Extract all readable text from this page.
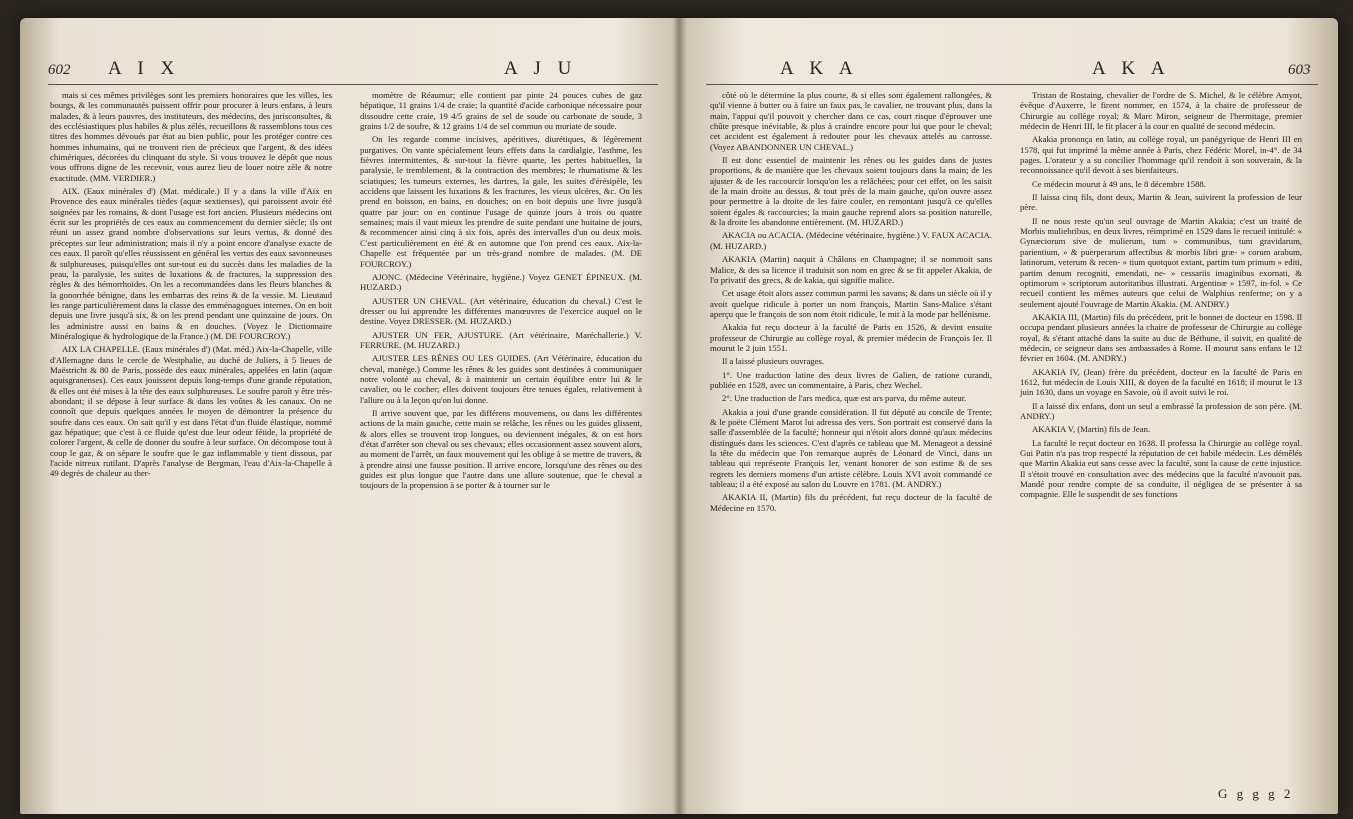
602 A I X	A J U

mais si ces mêmes privilèges sont les premiers honoraires que les villes, les bourgs, & les communautés puissent offrir pour procurer à leurs enfans, à leurs malades, & à leurs pauvres, des instituteurs, des médecins, des jurisconsultes, & des ecclésiastiques plus habiles & plus zélés, recueillons & rassemblons tous ces titres des hommes dévoués par état au bien public, pour les protéger contre ces hommes inhumains, qui ne trouvent rien de précieux que l'argent, & des idées chimériques, décorées du clinquant du style. Si vous trouvez le dépôt que nous vous offrons digne de les recevoir, vous aurez lieu de louer notre zèle & notre exactitude. (MM. VERDIER.)

AIX. (Eaux minérales d') (Mat. médicale.) Il y a dans la ville d'Aix en Provence des eaux minérales tièdes (aquæ sextienses), qui paroissent avoir été soignées par les romains, & dont l'usage est fort ancien. Plusieurs médecins ont écrit sur les propriétés de ces eaux au commencement du dernier siècle; ils ont réuni un assez grand nombre d'observations sur leurs vertus, & donné des préceptes sur leur administration; mais il n'y a point encore d'analyse exacte de ces eaux. Il paroît qu'elles réussissent en général les vertus des eaux savonneuses & sulphureuses, puisqu'elles ont sur-tout eu du succès dans les maladies de la peau, la paralysie, les suites de luxations & de fractures, la suppression des règles & des hémorrhoïdes. On les a recommandées dans les fleurs blanches & la gonorrhée bénigne, dans les embarras des reins & de la vessie. M. Lieutaud les range particulièrement dans la classe des emménagogues internes. On en boit depuis une livre jusqu'à six, & on les prend pendant une quinzaine de jours. On les administre aussi en bains & en douches. (Voyez le Dictionnaire Minéralogique & hydrologique de la France.) (M. DE FOURCROY.)

AIX LA CHAPELLE. (Eaux minérales d') (Mat. méd.) Aix-la-Chapelle, ville d'Allemagne dans le cercle de Westphalie, au duché de Juliers, à 5 lieues de Maëstricht & 80 de Paris, possède des eaux minérales, appelées en latin (aquæ aquisgranenses). Ces eaux jouissent depuis long-temps d'une grande réputation, & elles ont été mises à la tête des eaux sulphureuses. Le soufre paroît y être très-abondant; il se dépose à leur surface & dans les voûtes & les canaux. On ne connoît que depuis quelques années le moyen de démontrer la présence du soufre dans ces eaux. On sait qu'il y est dans l'état d'un fluide élastique, nommé gaz hépatique; que c'est à ce fluide qu'est due leur odeur fétide, la propriété de colorer l'argent, & celle de donner du soufre à leur surface. On décompose tout à coup le gaz, & on sépare le soufre que le gaz inflammable y tient dissous, par l'acide nitreux rutilant. D'après l'analyse de Bergman, l'eau d'Aix-la-Chapelle à 49 degrés de chaleur au ther-

momètre de Réaumur; elle contient par pinte 24 pouces cubes de gaz hépatique, 11 grains 1/4 de craie; la quantité d'acide carbonique nécessaire pour dissoudre cette craie, 19 4/5 grains de sel de soude ou carbonate de soude, 3 grains 1/2 de soufre, & 12 grains 1/4 de sel commun ou muriate de soude.

On les regarde comme incisives, apéritives, diurétiques, & légèrement purgatives. On vante spécialement leurs effets dans la cardialgie, l'asthme, les fièvres intermittentes, & sur-tout la fièvre quarte, les pertes habituelles, la paralysie, le tremblement, & la contraction des membres; le rhumatisme & les sciatiques; les tumeurs externes, les dartres, la gale, les suites d'érésipèle, les accidens que laissent les luxations & les fractures, les vieux ulcères, &c. On les prend en boisson, en bains, en douches; on en boit depuis une livre jusqu'à quatre par jour: on en continue l'usage de quinze jours à trois ou quatre semaines; mais il vaut mieux les prendre de suite pendant une huitaine de jours, & recommencer ainsi cinq à six fois, après des intervalles d'un ou deux mois. C'est particulièrement en été & en automne que l'on prend ces eaux. Aix-la-Chapelle est fréquentée par un très-grand nombre de malades. (M. DE FOURCROY.)

AJONC. (Médecine Vétérinaire, hygiène.) Voyez GENET ÉPINEUX. (M. HUZARD.)

AJUSTER UN CHEVAL. (Art vétérinaire, éducation du cheval.) C'est le dresser ou lui apprendre les différentes manœuvres de l'exercice auquel on le destine. Voyez DRESSER. (M. HUZARD.)

AJUSTER UN FER, AJUSTURE. (Art vétérinaire, Maréchallerie.) V. FERRURE. (M. HUZARD.)

AJUSTER LES RÊNES OU LES GUIDES. (Art Vétérinaire, éducation du cheval, manège.) Comme les rênes & les guides sont destinées à communiquer notre volonté au cheval, & à maintenir un certain équilibre entre lui & le cavalier, ou le cocher; elles doivent toujours être tenues égales, relativement à l'allure ou à la leçon qu'on lui donne.

Il arrive souvent que, par les différens mouvemens, ou dans les différentes actions de la main gauche, cette main se relâche, les rênes ou les guides glissent, & alors elles se trouvent trop longues, ou deviennent inégales, & on est hors d'état d'arrêter son cheval ou ses chevaux; elles occasionnent assez souvent alors, au moment de l'arrêt, un faux mouvement qui les oblige à se mettre de travers, & à prendre ainsi une fausse position. Il arrive encore, lorsqu'une des rênes ou des guides est plus longue que l'autre dans une allure soutenue, que le cheval a toujours de la propension à se porter & à tourner sur le

A K A	A K A	603

côté où le détermine la plus courte, & si elles sont également rallongées, & qu'il vienne à butter ou à faire un faux pas, le cavalier, ne trouvant plus, dans la main, l'appui qu'il pouvoit y chercher dans ce cas, court risque d'éprouver une chûte presque inévitable, & plus à craindre encore pour lui que pour le cheval; cet accident est également à redouter pour les chevaux attelés au carrosse. (Voyez ABANDONNER UN CHEVAL.)

Il est donc essentiel de maintenir les rênes ou les guides dans de justes proportions, & de manière que les chevaux soient toujours dans la main; de les ajuster & de les raccourcir lorsqu'on les a relâchées; pour cet effet, on les saisit de la main droite au dessus, & tout près de la main gauche, qu'on ouvre assez pour permettre à la droite de les faire couler, en remontant jusqu'à ce qu'elles soient égales & raccourcies; la main gauche reprend alors sa position naturelle, & la droite les abandonne entièrement. (M. HUZARD.)

AKACIA ou ACACIA. (Médecine vétérinaire, hygiène.) V. FAUX ACACIA. (M. HUZARD.)

AKAKIA (Martin) naquit à Châlons en Champagne; il se nommoit sans Malice, & des sa licence il traduisit son nom en grec & se fit appeler Akakia, de l'α privatif des grecs, & de kakia, qui signifie malice.

Cet usage étoit alors assez commun parmi les savans; & dans un siècle où il y avoit quelque ridicule à porter un nom françois, Martin Sans-Malice s'étant aperçu que le françois de son nom étoit ridicule, le mit à la mode par hellénisme.

Akakia fut reçu docteur à la faculté de Paris en 1526, & devint ensuite professeur de Chirurgie au collège royal, & premier médecin de François Ier. Il mourut le 2 juin 1551.

Il a laissé plusieurs ouvrages.

1°. Une traduction latine des deux livres de Galien, de ratione curandi, publiée en 1528, avec un commentaire, à Paris, chez Wechel.

2°. Une traduction de l'ars medica, quæ est ars parva, du même auteur.

Akakia a joui d'une grande considération. Il fut député au concile de Trente; & le poëte Clément Marot lui adressa des vers. Son portrait est conservé dans la salle d'assemblée de la faculté; honneur qui n'étoit alors donné qu'aux médecins distingués dans les sciences. C'est d'après ce tableau que M. Menageot a dessiné la tête du médecin que l'on remarque auprès de Léonard de Vinci, dans un tableau qui représente François Ier, venant honorer de son estime & de ses regrets les derniers momens d'un artiste célèbre. Louis XVI avoit commandé ce tableau; il a été exposé au salon du Louvre en 1781. (M. ANDRY.)

AKAKIA II, (Martin) fils du précédent, fut reçu docteur de la faculté de Médecine en 1570.

Tristan de Rostaing, chevalier de l'ordre de S. Michel, & le célèbre Amyot, évêque d'Auxerre, le firent nommer, en 1574, à la chaire de professeur de Chirurgie au collège royal; & Marc Miron, seigneur de l'hermitage, premier médecin de Henri III, le fit placer à la cour en qualité de second médecin.

Akakia prononça en latin, au collège royal, un panégyrique de Henri III en 1578, qui fut imprimé la même année à Paris, chez Fédéric Morel, in-4°. de 34 pages. L'orateur y a su concilier l'hommage qu'il rendoit à son souverain, & la reconnoissance qu'il devoit à ses bienfaiteurs.

Ce médecin mourut à 49 ans, le 8 décembre 1588.

Il laissa cinq fils, dont deux, Martin & Jean, suivirent la profession de leur père.

Il ne nous reste qu'un seul ouvrage de Martin Akakia; c'est un traité de Morbis muliebribus, en deux livres, réimprimé en 1529 dans le recueil intitulé: « Gynæciorum sive de mulierum, tum » communibus, tum gravidarum, parientium, » & puerperarum affectibus & morbis libri græ- » corum arabum, latinorum, veterum & recen- » tium quotquot extant, partim tum primum » editi, partim denum recogniti, emendati, ne- » cessariis imaginibus exornati, & optimorum » scriptorum autoritatibus illustrati. Argentinæ » 1597, in-fol. » Ce recueil contient les mêmes auteurs que celui de Walphius renferme; on y a seulement ajouté l'ouvrage de Martin Akakia. (M. ANDRY.)

AKAKIA III, (Martin) fils du précédent, prit le bonnet de docteur en 1598. Il occupa pendant plusieurs années la chaire de professeur de Chirurgie au collège royal, & s'étant attaché dans la suite au duc de Béthune, il suivit, en qualité de médecin, ce seigneur dans ses ambassades à Rome. Il mourut sans enfans le 12 février en 1604. (M. ANDRY.)

AKAKIA IV, (Jean) frère du précédent, docteur en la faculté de Paris en 1612, fut médecin de Louis XIII, & doyen de la faculté en 1618; il mourut le 13 juin 1630, dans un voyage en Savoie, où il avoit suivi le roi.

Il a laissé dix enfans, dont un seul a embrassé la profession de son père. (M. ANDRY.)

AKAKIA V, (Martin) fils de Jean.

La faculté le reçut docteur en 1638. Il professa la Chirurgie au collège royal. Gui Patin n'a pas trop respecté la réputation de cet habile médecin. Les démêlés que Martin Akakia eut sans cesse avec la faculté, sont la cause de cette injustice. Il s'étoit trouvé en consultation avec des médecins que la faculté n'avouoit pas. Mandé pour rendre compte de sa conduite, il négligea de se présenter à sa compagnie. Elle le suspendit de ses fonctions

G g g g 2
